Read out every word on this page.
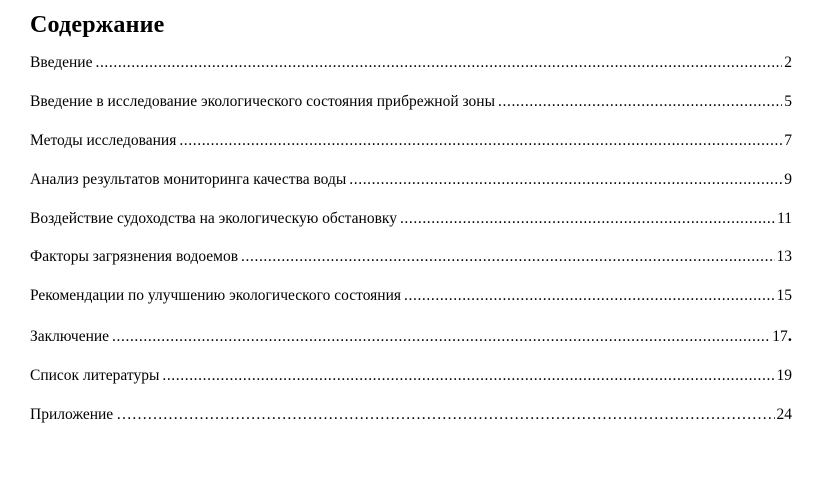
Содержание
Введение .....	2
Введение в исследование экологического состояния прибрежной зоны .....	5
Методы исследования .....	7
Анализ результатов мониторинга качества воды .....	9
Воздействие судоходства на экологическую обстановку .....	11
Факторы загрязнения водоемов .....	13
Рекомендации по улучшению экологического состояния .....	15
Заключение .....	17 .
Список литературы .....	19
Приложение ……………………………………………………………………………………………………………………………………………………………………………………………	24
